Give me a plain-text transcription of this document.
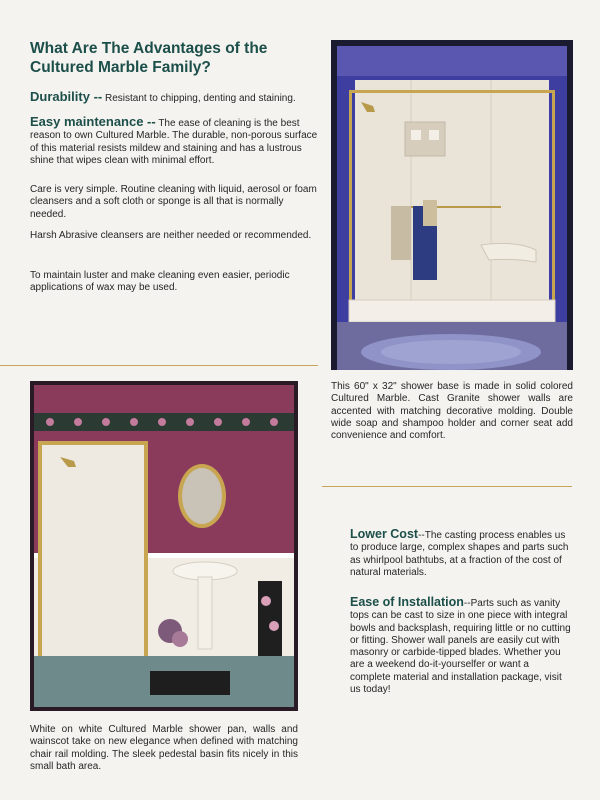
What Are The Advantages of the Cultured Marble Family?

Durability -- Resistant to chipping, denting and staining.

Easy maintenance -- The ease of cleaning is the best reason to own Cultured Marble. The durable, non-porous surface of this material resists mildew and staining and has a lustrous shine that wipes clean with minimal effort.

Care is very simple. Routine cleaning with liquid, aerosol or foam cleansers and a soft cloth or sponge is all that is normally needed.

Harsh Abrasive cleansers are neither needed or recommended.

To maintain luster and make cleaning even easier, periodic applications of wax may be used.

This 60" x 32" shower base is made in solid colored Cultured Marble. Cast Granite shower walls are accented with matching decorative molding. Double wide soap and shampoo holder and corner seat add convenience and comfort.

White on white Cultured Marble shower pan, walls and wainscot take on new elegance when defined with matching chair rail molding. The sleek pedestal basin fits nicely in this small bath area.

Lower Cost--The casting process enables us to produce large, complex shapes and parts such as whirlpool bathtubs, at a fraction of the cost of natural materials.

Ease of Installation--Parts such as vanity tops can be cast to size in one piece with integral bowls and backsplash, requiring little or no cutting or fitting. Shower wall panels are easily cut with masonry or carbide-tipped blades. Whether you are a weekend do-it-yourselfer or want a complete material and installation package, visit us today!
